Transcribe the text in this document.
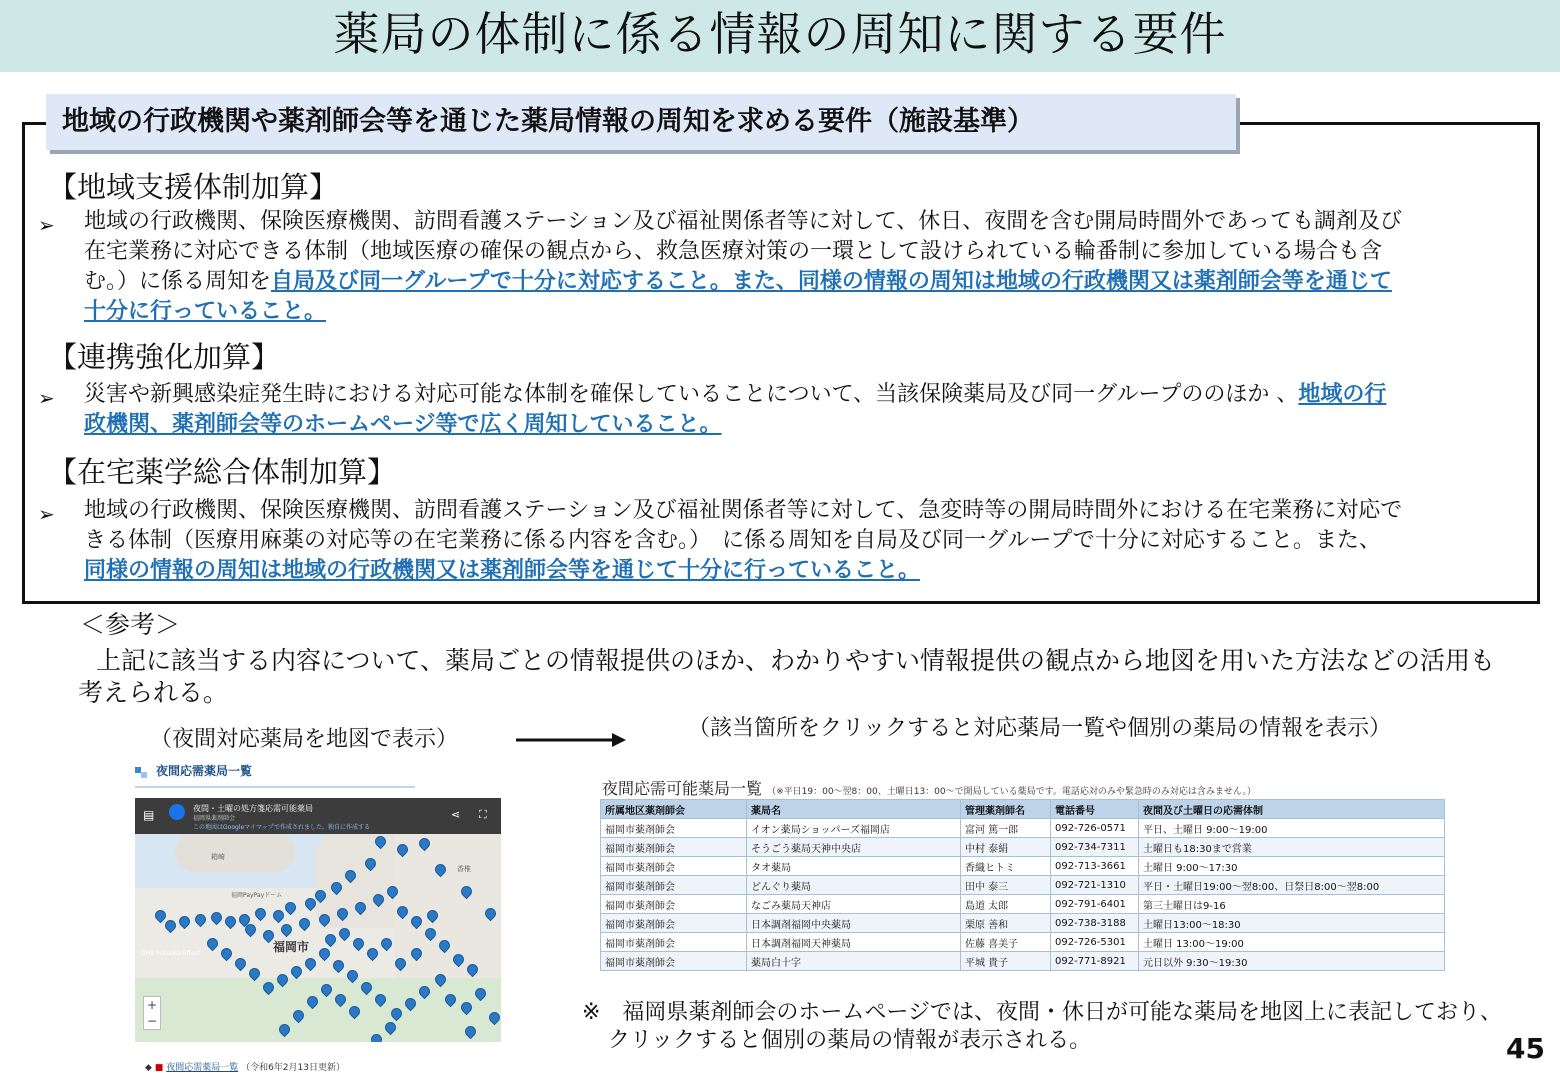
薬局の体制に係る情報の周知に関する要件
地域の行政機関や薬剤師会等を通じた薬局情報の周知を求める要件（施設基準）
【地域支援体制加算】
➢ 地域の行政機関、保険医療機関、訪問看護ステーション及び福祉関係者等に対して、休日、夜間を含む開局時間外であっても調剤及び
在宅業務に対応できる体制（地域医療の確保の観点から、救急医療対策の一環として設けられている輪番制に参加している場合も含
む。）に係る周知を自局及び同一グループで十分に対応すること。また、同様の情報の周知は地域の行政機関又は薬剤師会等を通じて
十分に行っていること。
【連携強化加算】
➢ 災害や新興感染症発生時における対応可能な体制を確保していることについて、当該保険薬局及び同一グループののほか 、地域の行
政機関、薬剤師会等のホームページ等で広く周知していること。
【在宅薬学総合体制加算】
➢ 地域の行政機関、保険医療機関、訪問看護ステーション及び福祉関係者等に対して、急変時等の開局時間外における在宅業務に対応で
きる体制（医療用麻薬の対応等の在宅業務に係る内容を含む。）　に係る周知を自局及び同一グループで十分に対応すること。また、
同様の情報の周知は地域の行政機関又は薬剤師会等を通じて十分に行っていること。
＜参考＞
上記に該当する内容について、薬局ごとの情報提供のほか、わかりやすい情報提供の観点から地図を用いた方法などの活用も
考えられる。
（夜間対応薬局を地図で表示）	（該当箇所をクリックすると対応薬局一覧や個別の薬局の情報を表示）
夜間応需薬局一覧
▤	夜間・土曜の処方箋応需可能薬局
福岡県薬剤師会
この地図はGoogleマイマップで作成されました。独自に作成する
⋖ ⛶
福岡市
香椎
箱崎
GHB Fukuoka Effect
福岡PayPayドーム
+
−
◆ ■ 夜間応需薬局一覧 （令和6年2月13日更新）
夜間応需可能薬局一覧 （※平日19：00～翌8：00、土曜日13：00～で開局している薬局です。電話応対のみや緊急時のみ対応は含みません。）
所属地区薬剤師会	薬局名	管理薬剤師名	電話番号	夜間及び土曜日の応需体制
福岡市薬剤師会	イオン薬局ショッパーズ福岡店	富河 篤一郎	092-726-0571	平日、土曜日 9:00～19:00
福岡市薬剤師会	そうごう薬局天神中央店	中村 泰絹	092-734-7311	土曜日も18:30まで営業
福岡市薬剤師会	タオ薬局	香織ヒトミ	092-713-3661	土曜日 9:00～17:30
福岡市薬剤師会	どんぐり薬局	田中 泰三	092-721-1310	平日・土曜日19:00～翌8:00、日祭日8:00～翌8:00
福岡市薬剤師会	なごみ薬局天神店	島道 太郎	092-791-6401	第三土曜日は9-16
福岡市薬剤師会	日本調剤福岡中央薬局	栗原 善和	092-738-3188	土曜日13:00～18:30
福岡市薬剤師会	日本調剤福岡天神薬局	佐藤 喜美子	092-726-5301	土曜日 13:00～19:00
福岡市薬剤師会	薬局白十字	平城 貴子	092-771-8921	元日以外 9:30～19:30
※　福岡県薬剤師会のホームページでは、夜間・休日が可能な薬局を地図上に表記しており、
クリックすると個別の薬局の情報が表示される。	45
